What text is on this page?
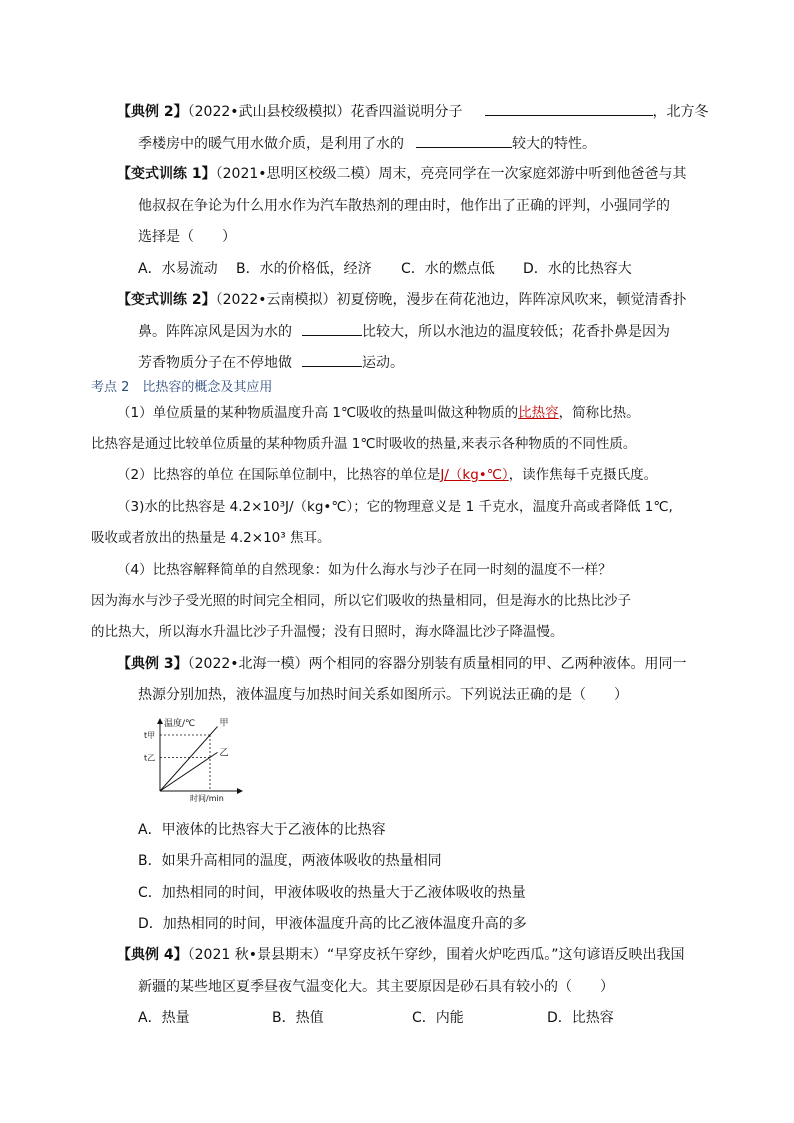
【典例 2】（2022•武山县校级模拟）花香四溢说明分子	，北方冬
季楼房中的暖气用水做介质，是利用了水的	较大的特性。
【变式训练 1】（2021•思明区校级二模）周末，亮亮同学在一次家庭郊游中听到他爸爸与其
他叔叔在争论为什么用水作为汽车散热剂的理由时，他作出了正确的评判，小强同学的
选择是（　　）
A．水易流动 B．水的价格低，经济 C．水的燃点低 D．水的比热容大
【变式训练 2】（2022•云南模拟）初夏傍晚，漫步在荷花池边，阵阵凉风吹来，顿觉清香扑
鼻。阵阵凉风是因为水的	比较大，所以水池边的温度较低；花香扑鼻是因为
芳香物质分子在不停地做	运动。
考点 2　比热容的概念及其应用
（1）单位质量的某种物质温度升高 1℃吸收的热量叫做这种物质的比热容，简称比热。
比热容是通过比较单位质量的某种物质升温 1℃时吸收的热量,来表示各种物质的不同性质。
（2）比热容的单位 在国际单位制中，比热容的单位是J/（kg•℃），读作焦每千克摄氏度。
（3)水的比热容是 4.2×10³J/（kg•℃）；它的物理意义是 1 千克水，温度升高或者降低 1℃,
吸收或者放出的热量是 4.2×10³ 焦耳。
（4）比热容解释简单的自然现象：如为什么海水与沙子在同一时刻的温度不一样？
因为海水与沙子受光照的时间完全相同，所以它们吸收的热量相同，但是海水的比热比沙子
的比热大，所以海水升温比沙子升温慢；没有日照时，海水降温比沙子降温慢。
【典例 3】（2022•北海一模）两个相同的容器分别装有质量相同的甲、乙两种液体。用同一
热源分别加热，液体温度与加热时间关系如图所示。下列说法正确的是（　　）
温度/℃
时间/min
甲
t甲
乙
t乙
A．甲液体的比热容大于乙液体的比热容
B．如果升高相同的温度，两液体吸收的热量相同
C．加热相同的时间，甲液体吸收的热量大于乙液体吸收的热量
D．加热相同的时间，甲液体温度升高的比乙液体温度升高的多
【典例 4】（2021 秋•景县期末）“早穿皮袄午穿纱，围着火炉吃西瓜。”这句谚语反映出我国
新疆的某些地区夏季昼夜气温变化大。其主要原因是砂石具有较小的（　　）
A．热量	B．热值	C．内能	D．比热容
